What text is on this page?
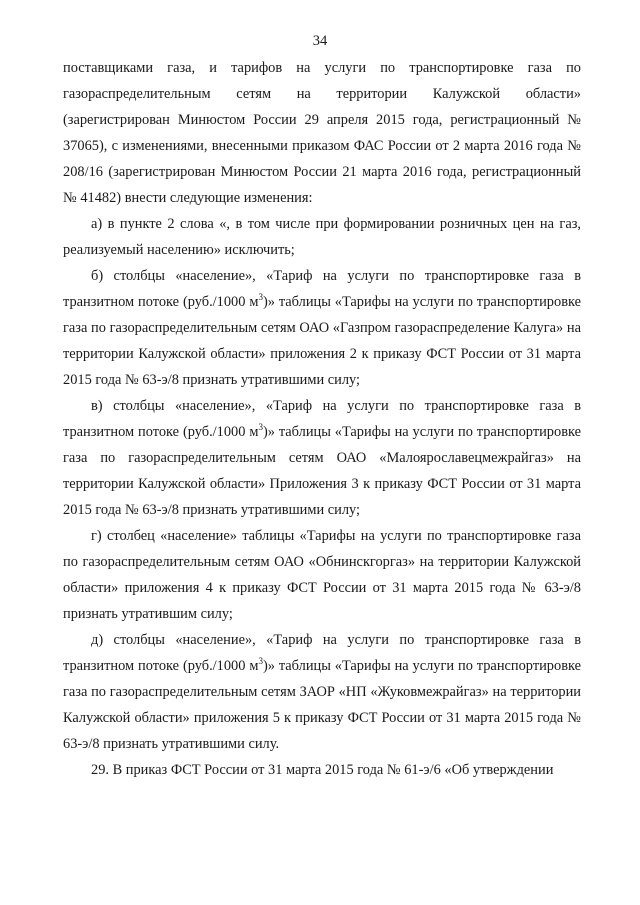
34

поставщиками газа, и тарифов на услуги по транспортировке газа по газораспределительным сетям на территории Калужской области» (зарегистрирован Минюстом России 29 апреля 2015 года, регистрационный № 37065), с изменениями, внесенными приказом ФАС России от 2 марта 2016 года № 208/16 (зарегистрирован Минюстом России 21 марта 2016 года, регистрационный № 41482) внести следующие изменения:

а) в пункте 2 слова «, в том числе при формировании розничных цен на газ, реализуемый населению» исключить;

б) столбцы «население», «Тариф на услуги по транспортировке газа в транзитном потоке (руб./1000 $м^3$)» таблицы «Тарифы на услуги по транспортировке газа по газораспределительным сетям ОАО «Газпром газораспределение Калуга» на территории Калужской области» приложения 2 к приказу ФСТ России от 31 марта 2015 года № 63-э/8 признать утратившими силу;

в) столбцы «население», «Тариф на услуги по транспортировке газа в транзитном потоке (руб./1000 $м^3$)» таблицы «Тарифы на услуги по транспортировке газа по газораспределительным сетям ОАО «Малоярославецмежрайгаз» на территории Калужской области» Приложения 3 к приказу ФСТ России от 31 марта 2015 года № 63-э/8 признать утратившими силу;

г) столбец «население» таблицы «Тарифы на услуги по транспортировке газа по газораспределительным сетям ОАО «Обнинскгоргаз» на территории Калужской области» приложения 4 к приказу ФСТ России от 31 марта 2015 года № 63-э/8 признать утратившим силу;

д) столбцы «население», «Тариф на услуги по транспортировке газа в транзитном потоке (руб./1000 $м^3$)» таблицы «Тарифы на услуги по транспортировке газа по газораспределительным сетям ЗАОР «НП «Жуковмежрайгаз» на территории Калужской области» приложения 5 к приказу ФСТ России от 31 марта 2015 года № 63-э/8 признать утратившими силу.

29. В приказ ФСТ России от 31 марта 2015 года № 61-э/6 «Об утверждении
